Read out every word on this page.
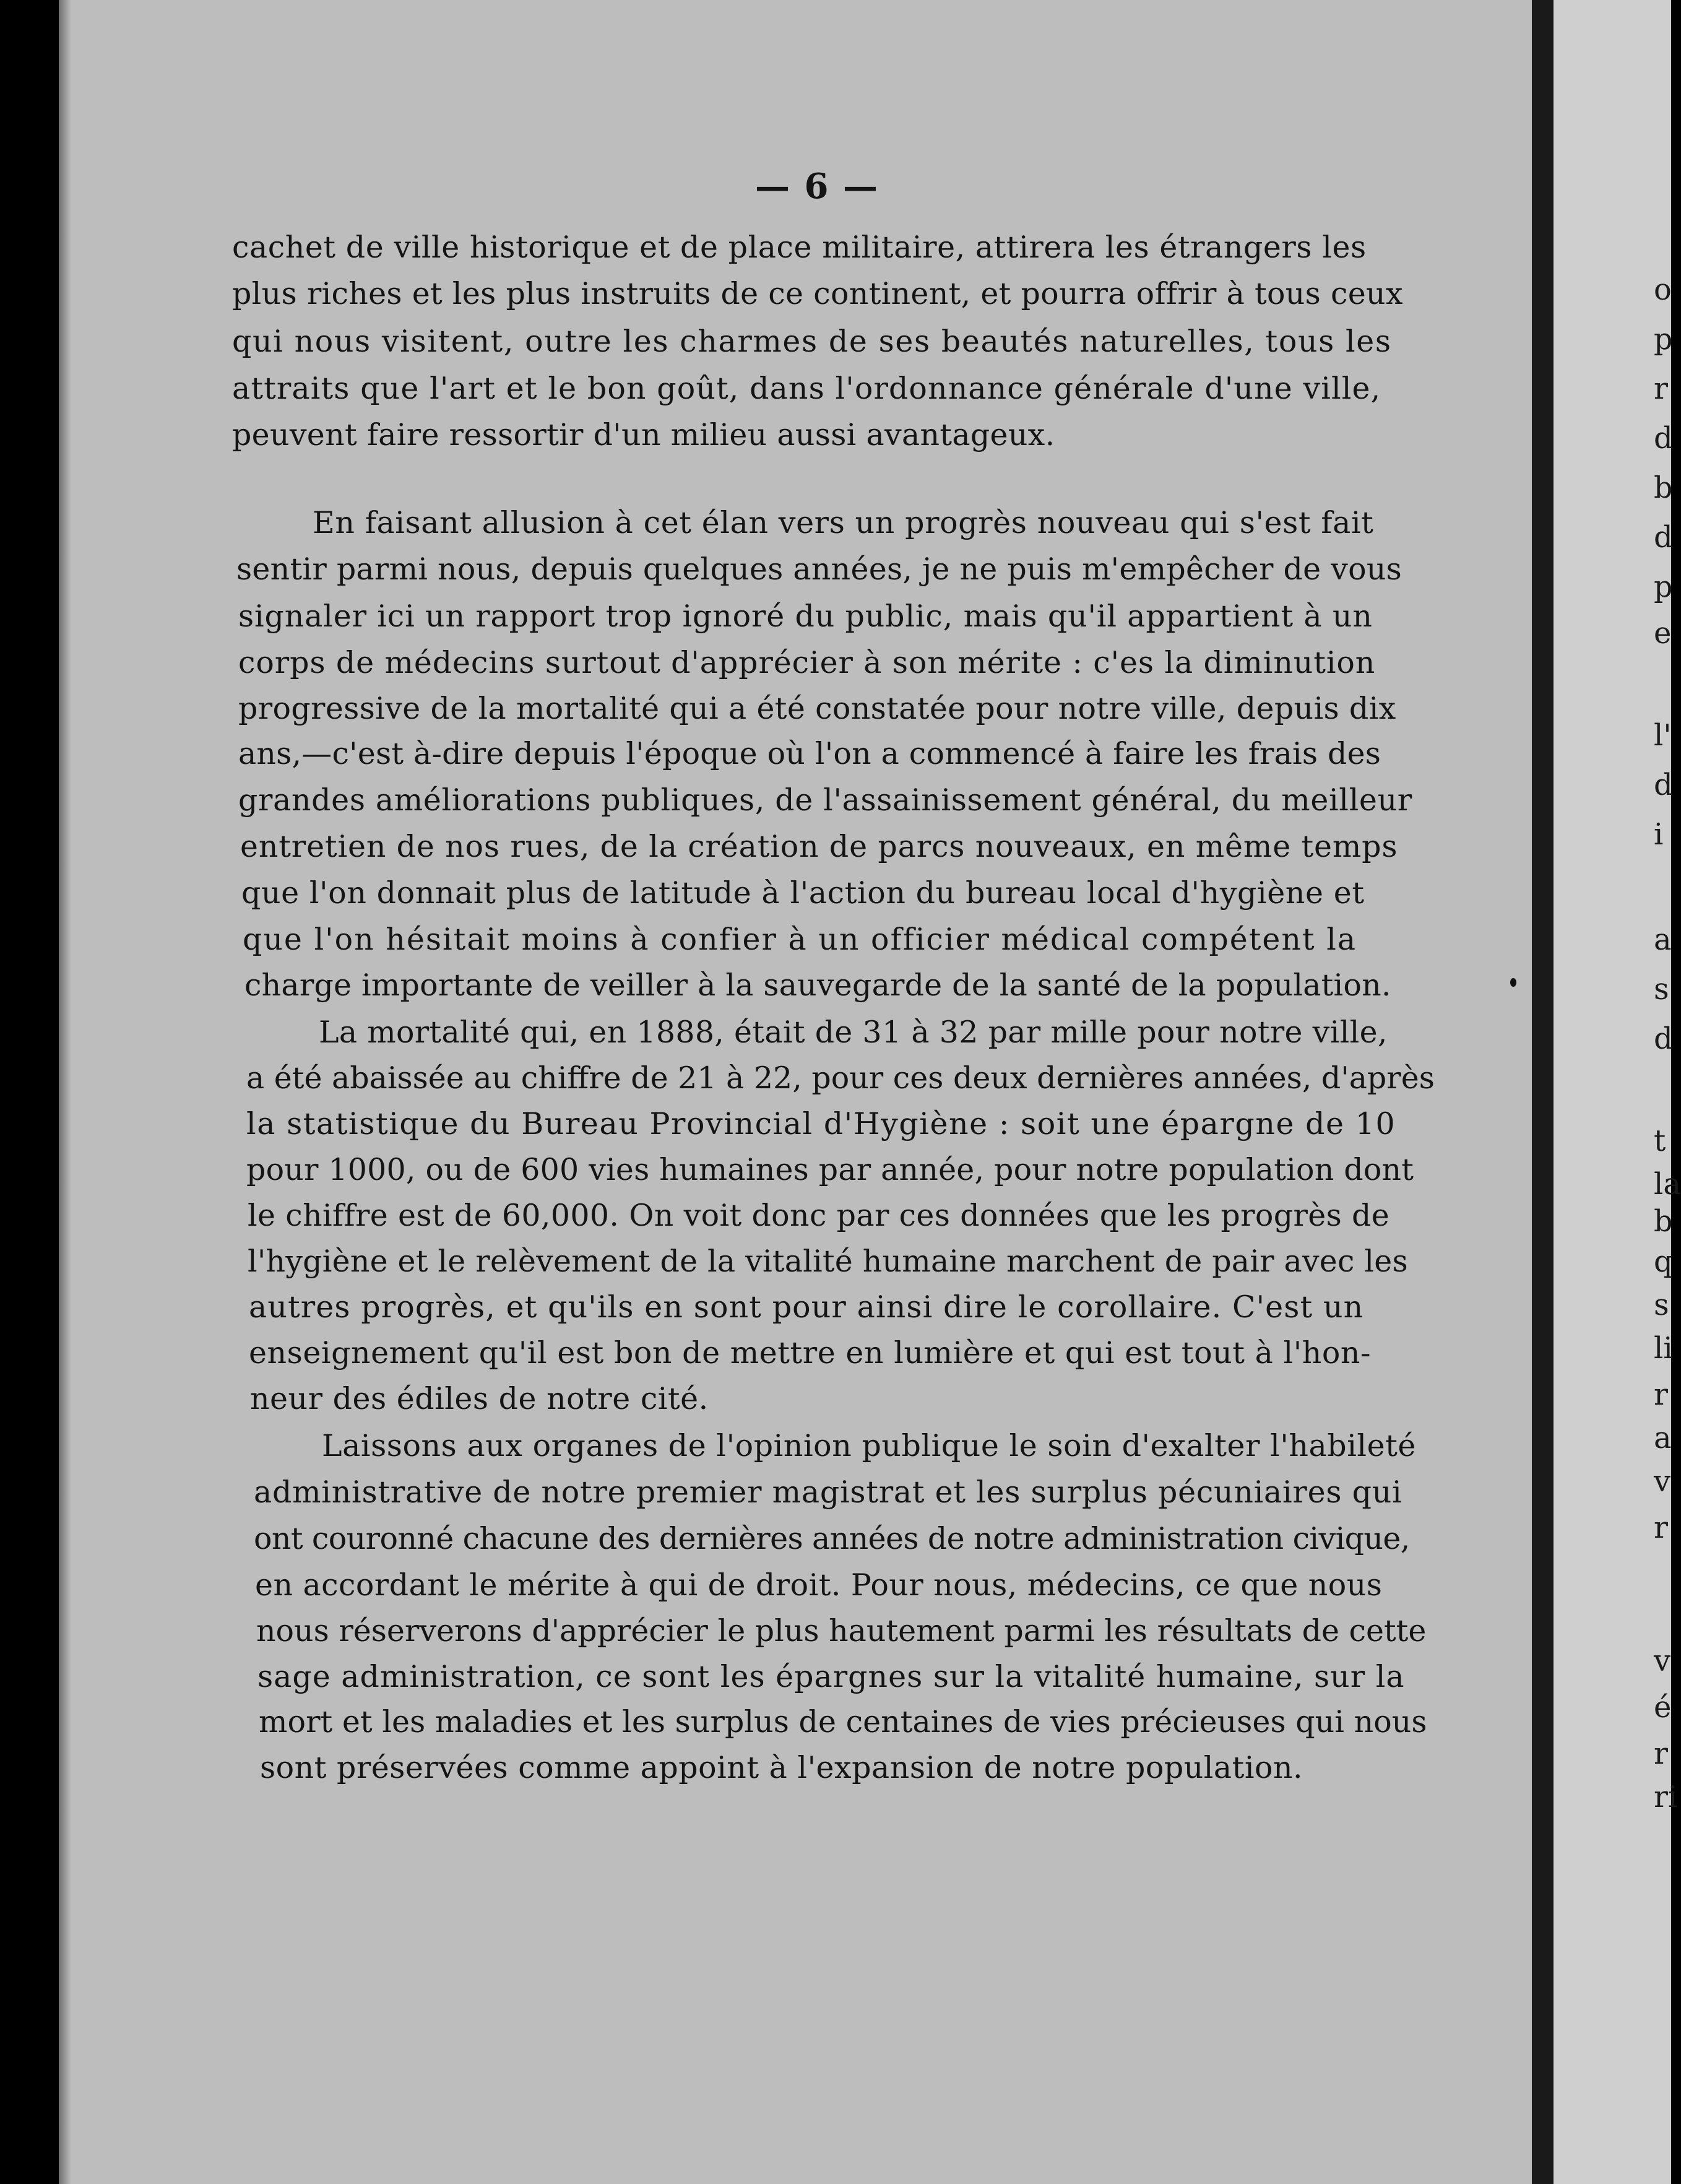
— 6 —
cachet de ville historique et de place militaire, attirera les étrangers les
plus riches et les plus instruits de ce continent, et pourra offrir à tous ceux
qui nous visitent, outre les charmes de ses beautés naturelles, tous les
attraits que l'art et le bon goût, dans l'ordonnance générale d'une ville,
peuvent faire ressortir d'un milieu aussi avantageux.
En faisant allusion à cet élan vers un progrès nouveau qui s'est fait
sentir parmi nous, depuis quelques années, je ne puis m'empêcher de vous
signaler ici un rapport trop ignoré du public, mais qu'il appartient à un
corps de médecins surtout d'apprécier à son mérite : c'es la diminution
progressive de la mortalité qui a été constatée pour notre ville, depuis dix
ans,—c'est à-dire depuis l'époque où l'on a commencé à faire les frais des
grandes améliorations publiques, de l'assainissement général, du meilleur
entretien de nos rues, de la création de parcs nouveaux, en même temps
que l'on donnait plus de latitude à l'action du bureau local d'hygiène et
que l'on hésitait moins à confier à un officier médical compétent la
charge importante de veiller à la sauvegarde de la santé de la population.
La mortalité qui, en 1888, était de 31 à 32 par mille pour notre ville,
a été abaissée au chiffre de 21 à 22, pour ces deux dernières années, d'après
la statistique du Bureau Provincial d'Hygiène : soit une épargne de 10
pour 1000, ou de 600 vies humaines par année, pour notre population dont
le chiffre est de 60,000. On voit donc par ces données que les progrès de
l'hygiène et le relèvement de la vitalité humaine marchent de pair avec les
autres progrès, et qu'ils en sont pour ainsi dire le corollaire. C'est un
enseignement qu'il est bon de mettre en lumière et qui est tout à l'hon-
neur des édiles de notre cité.
Laissons aux organes de l'opinion publique le soin d'exalter l'habileté
administrative de notre premier magistrat et les surplus pécuniaires qui
ont couronné chacune des dernières années de notre administration civique,
en accordant le mérite à qui de droit. Pour nous, médecins, ce que nous
nous réserverons d'apprécier le plus hautement parmi les résultats de cette
sage administration, ce sont les épargnes sur la vitalité humaine, sur la
mort et les maladies et les surplus de centaines de vies précieuses qui nous
sont préservées comme appoint à l'expansion de notre population.
o
p
r
d
b
d
p
e
l'
d
i
a
s
d
t
la
b
q
s
li
r
a
v
r
v
é
r
ri
